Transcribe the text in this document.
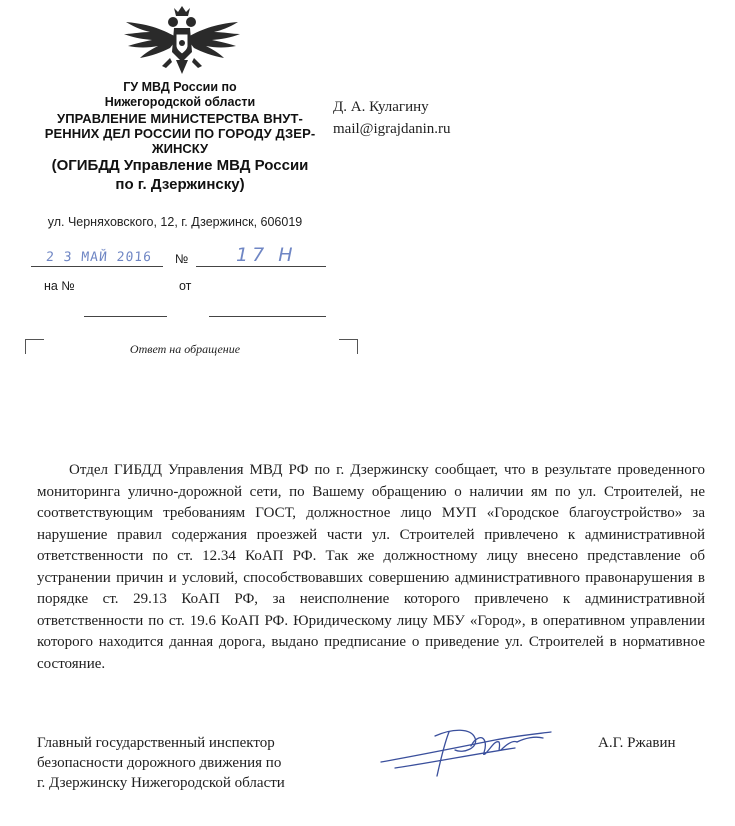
ГУ МВД России по
Нижегородской области
УПРАВЛЕНИЕ МИНИСТЕРСТВА ВНУТ-
РЕННИХ ДЕЛ РОССИИ ПО ГОРОДУ ДЗЕР-
ЖИНСКУ
(ОГИБДД Управление МВД России
по г. Дзержинску)
ул. Черняховского, 12, г. Дзержинск, 606019
Д. А. Кулагину
mail@igrajdanin.ru
2 3 МАЙ 2016 №	17 Н
на №	от
Ответ на обращение

Отдел ГИБДД Управления МВД РФ по г. Дзержинску сообщает, что в результате проведенного мониторинга улично-дорожной сети, по Вашему обращению о наличии ям по ул. Строителей, не соответствующим требованиям ГОСТ, должностное лицо МУП «Городское благоустройство» за нарушение правил содержания проезжей части ул. Строителей привлечено к административной ответственности по ст. 12.34 КоАП РФ. Так же должностному лицу внесено представление об устранении причин и условий, способствовавших совершению административного правонарушения в порядке ст. 29.13 КоАП РФ, за неисполнение которого привлечено к административной ответственности по ст. 19.6 КоАП РФ. Юридическому лицу МБУ «Город», в оперативном управлении которого находится данная дорога, выдано предписание о приведение ул. Строителей в нормативное состояние.

Главный государственный инспектор
безопасности дорожного движения по
г. Дзержинску Нижегородской области
А.Г. Ржавин
